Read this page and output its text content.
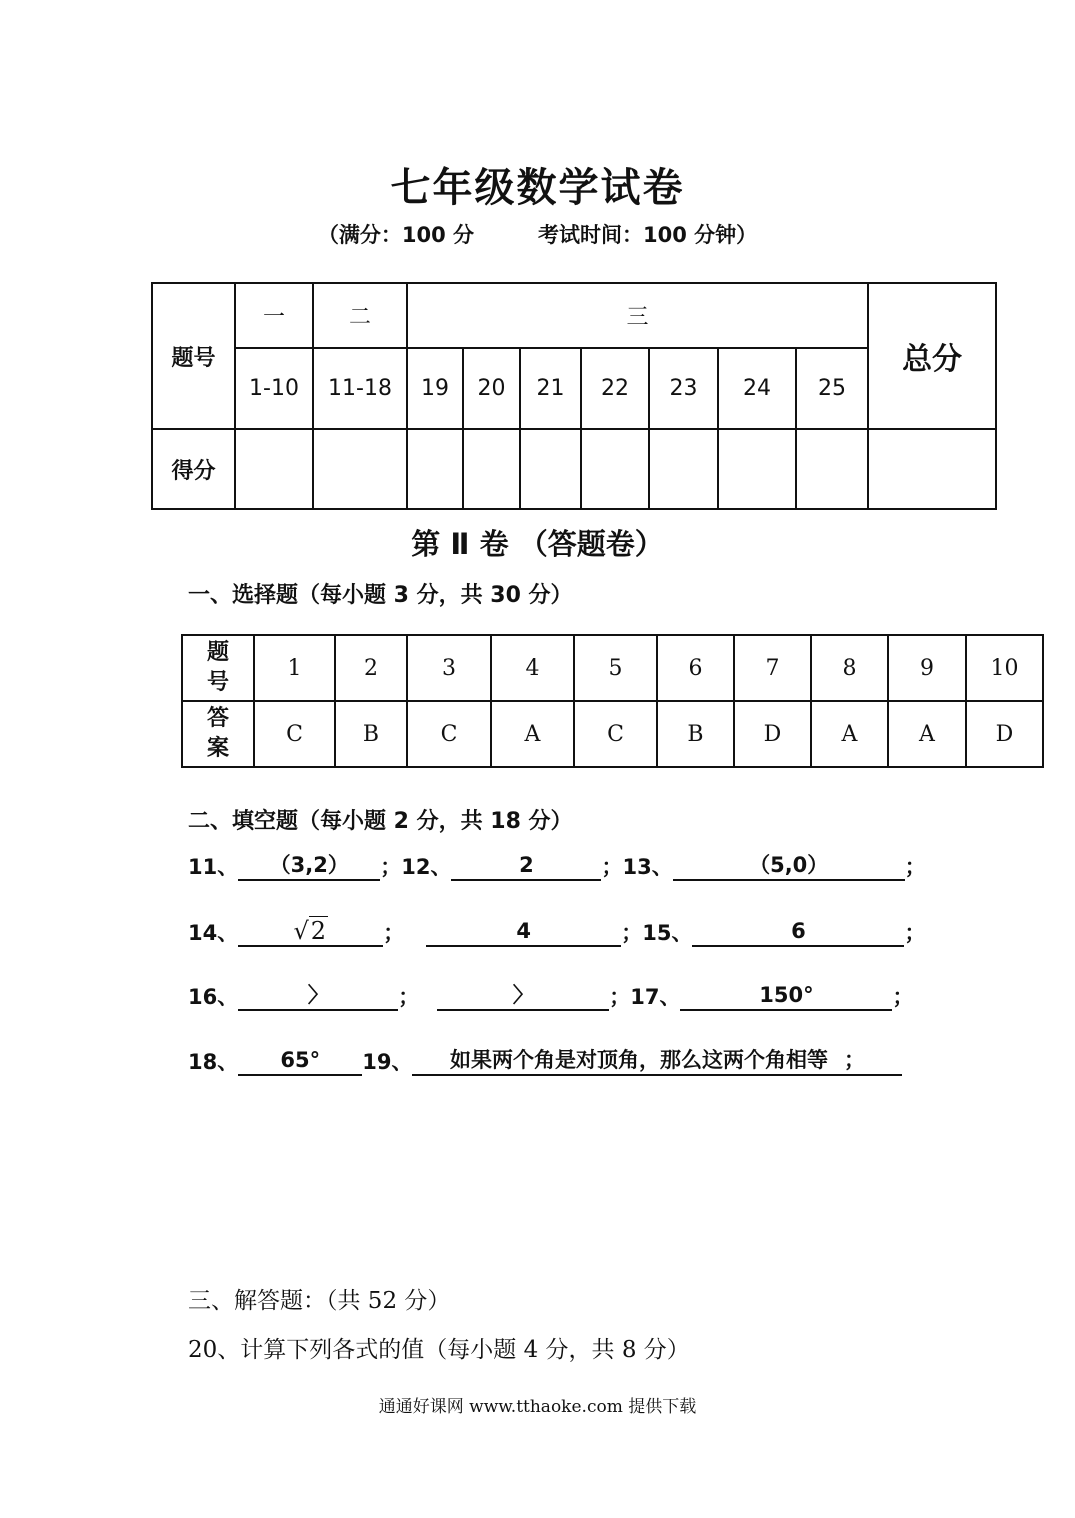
七年级数学试卷
（满分：100 分	考试时间：100 分钟）
题号	一	二	三							总分
	1-10	11-18	19	20	21	22	23	24	25	
得分										
第 Ⅱ 卷 （答题卷）
一、选择题（每小题 3 分，共 30 分）
题号	1	2	3	4	5	6	7	8	9	10
答案	C	B	C	A	C	B	D	A	A	D
二、填空题（每小题 2 分，共 18 分）
11、 （3,2） ；12、	2	；13、	（5,0）	；
14、 √2	；	4	；15、	6	；
16、	〉	；	〉	；17、	150°	；
18、 65° 19、 如果两个角是对顶角，那么这两个角相等 ；
三、解答题：（共 52 分）
20、计算下列各式的值（每小题 4 分，共 8 分）
通通好课网 www.tthaoke.com 提供下载
